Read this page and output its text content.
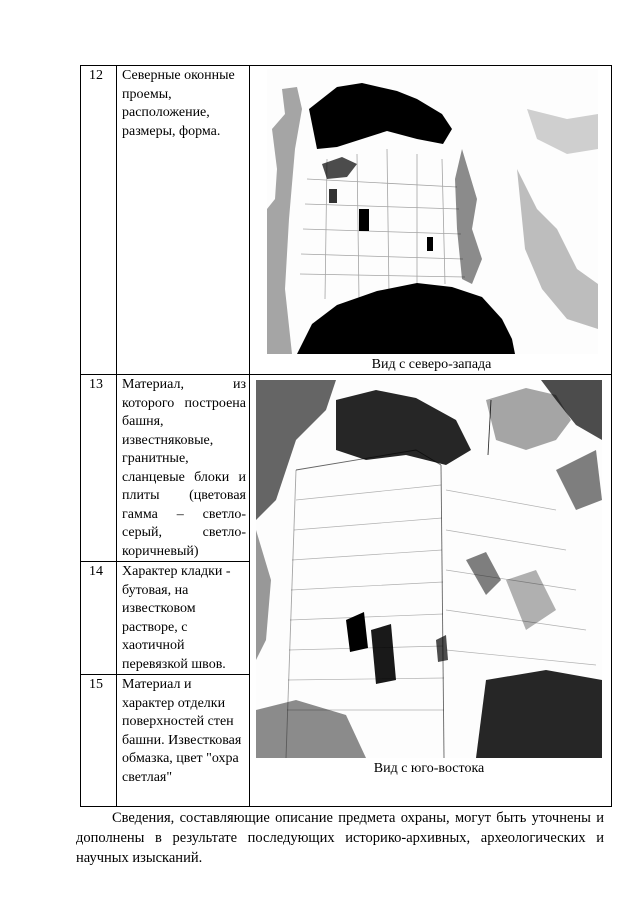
12	Северные оконные проемы, расположение, размеры, форма.	Вид с северо-запада

13	Материал, из которого построена башня, известняковые, гранитные, сланцевые блоки и плиты (цветовая гамма – светло-серый, светло-коричневый)	Вид с юго-востока

14	Характер кладки - бутовая, на известковом растворе, с хаотичной перевязкой швов.	
15	Материал и характер отделки поверхностей стен башни. Известковая обмазка, цвет "охра светлая"	
Сведения, составляющие описание предмета охраны, могут быть уточнены и дополнены в результате последующих историко-архивных, археологических и научных изысканий.
